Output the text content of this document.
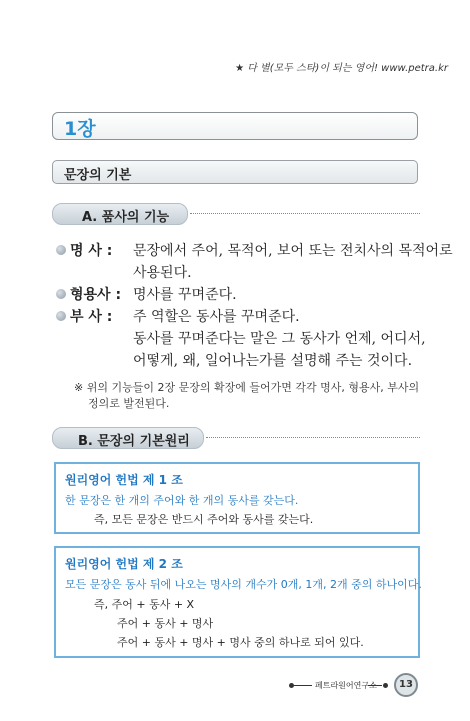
★ 다 별(모두 스타)이 되는 영어! www.petra.kr
1장
문장의 기본
A. 품사의 기능
명 사 : 문장에서 주어, 목적어, 보어 또는 전치사의 목적어로
사용된다.
형용사 : 명사를 꾸며준다.
부 사 : 주 역할은 동사를 꾸며준다.
동사를 꾸며준다는 말은 그 동사가 언제, 어디서,
어떻게, 왜, 일어나는가를 설명해 주는 것이다.
※ 위의 기능들이 2장 문장의 확장에 들어가면 각각 명사, 형용사, 부사의
정의로 발전된다.
B. 문장의 기본원리
원리영어 헌법 제 1 조
한 문장은 한 개의 주어와 한 개의 동사를 갖는다.
즉, 모든 문장은 반드시 주어와 동사를 갖는다.
원리영어 헌법 제 2 조
모든 문장은 동사 뒤에 나오는 명사의 개수가 0개, 1개, 2개 중의 하나이다.
즉, 주어 + 동사 + X
주어 + 동사 + 명사
주어 + 동사 + 명사 + 명사 중의 하나로 되어 있다.
페트라원어연구소	13
